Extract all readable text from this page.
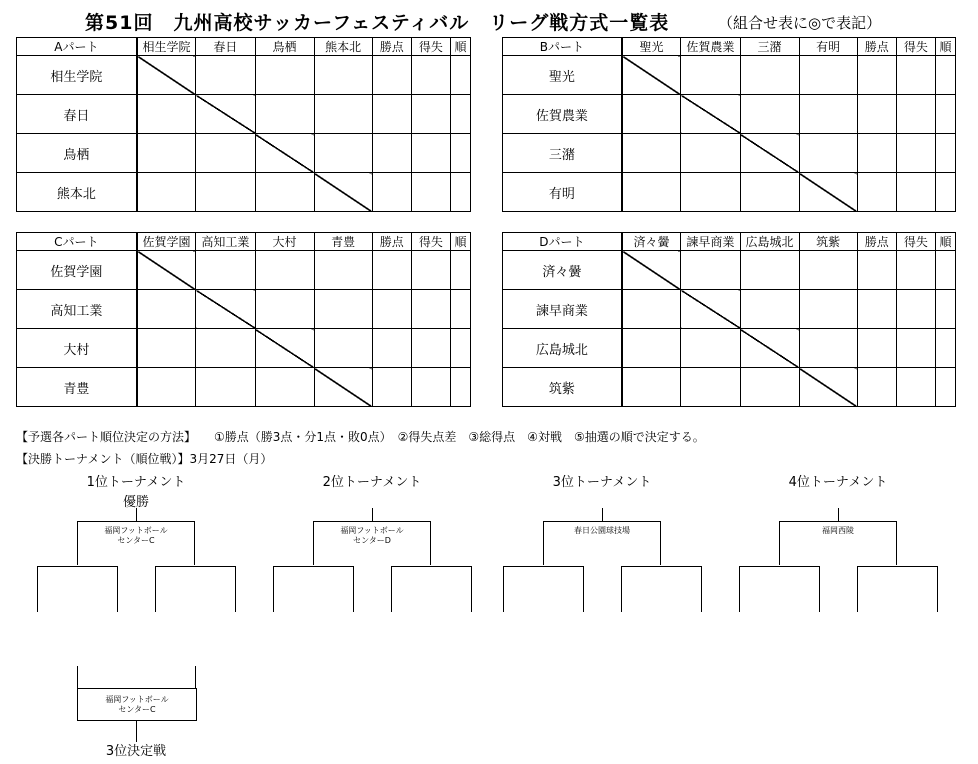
第51回　九州高校サッカーフェスティバル　リーグ戦方式一覧表	（組合せ表に◎で表記）
Aパート	相生学院	春日	鳥栖	熊本北	勝点	得失	順
相生学院							
春日							
鳥栖							
熊本北							
Bパート	聖光	佐賀農業	三潴	有明	勝点	得失	順
聖光							
佐賀農業							
三潴							
有明							
Cパート	佐賀学園	高知工業	大村	青豊	勝点	得失	順
佐賀学園							
高知工業							
大村							
青豊							
Dパート	済々黌	諫早商業	広島城北	筑紫	勝点	得失	順
済々黌							
諫早商業							
広島城北							
筑紫							
【予選各パート順位決定の方法】　　①勝点（勝3点・分1点・敗0点）　②得失点差　③総得点　④対戦　⑤抽選の順で決定する。
【決勝トーナメント（順位戦）】3月27日（月）
1位トーナメント
優勝
福岡フットボール
センターC
2位トーナメント
福岡フットボール
センターD
3位トーナメント
春日公園球技場
4位トーナメント
福岡西陵
福岡フットボール
センターC
3位決定戦
